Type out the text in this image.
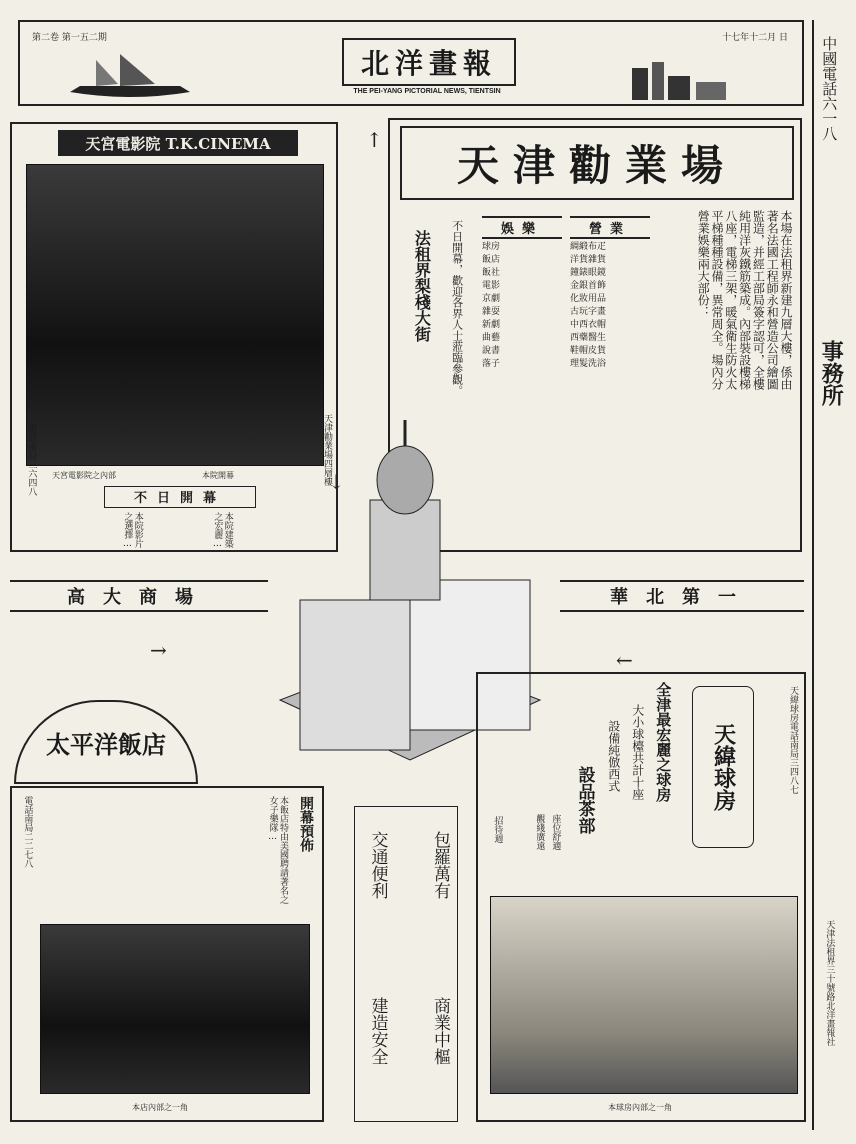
第二卷 第一五二期
北洋畫報
THE PEI-YANG PICTORIAL NEWS, TIENTSIN
十七年十二月 日 中國電話六一八
事務所
天津法租界三十號路北洋畫報社
天宮電影院 T.K.CINEMA
天宮電影院之內部	本院開幕
不日開幕
天津勸業場四層樓
本院建築之宏麗…
本院影片之選擇…
電話南局三六四八
天津勸業場
本場在法租界新建九層大樓，係由著名法國工程師永和營造公司繪圖監造，并經工部局簽字認可，全樓純用洋灰鐵筋築成。內部裝設樓梯八座，電梯三架，暖氣衛生防火太平梯種種設備，異常周全。場內分營業娛樂兩大部份：
營業
綢緞布疋
洋貨雜貨
鐘錶眼鏡
金銀首飾
化妝用品
古玩字畫
中西衣帽
西藥醫生
鞋帽皮貨
理髮洗浴
娛樂
球房
飯店
飯社
電影
京劇
雜耍
新劇
曲藝
說書
落子
法租界梨棧大街 不日開幕，歡迎各界人士蒞臨參觀。
↑
↓
→	←
高大商場	華北第一
太平洋飯店
開幕預佈
本飯店特由美國聘請著名之女子樂隊…
電話南局二二七八
本店內部之一角
包羅萬有
商業中樞
交通便利
建造安全
天緯球房	天緯球房電話南局三四八七
全津最宏麗之球房
大小球檯共計十座
設備純倣西式
設品茶部
座位舒適
觀綫廣遠
招待週
本球房內部之一角
